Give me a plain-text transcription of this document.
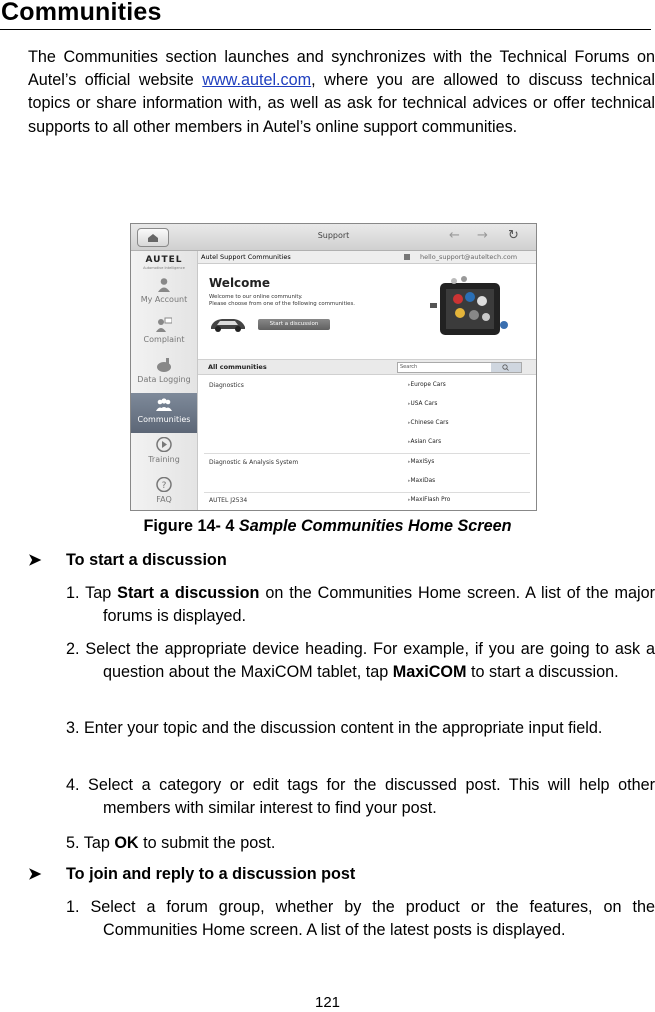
Communities
The Communities section launches and synchronizes with the Technical Forums on Autel’s official website www.autel.com, where you are allowed to discuss technical topics or share information with, as well as ask for technical advices or offer technical supports to all other members in Autel’s online support communities.
Support	← → ↻
AUTEL
Automotive Intelligence
My Account
Complaint
Data Logging
Communities
Training
?
FAQ
Autel Support Communities	hello_support@auteltech.com
Welcome
Welcome to our online community.
Please choose from one of the following communities.
Start a discussion
All communities	Search
Diagnostics	▸ Europe Cars
▸ USA Cars
▸ Chinese Cars
▸ Asian Cars
Diagnostic & Analysis System	▸ MaxiSys
▸ MaxiDas
AUTEL J2534	▸ MaxiFlash Pro
Figure 14- 4 Sample Communities Home Screen
➤ To start a discussion
1. Tap Start a discussion on the Communities Home screen. A list of the major forums is displayed.
2. Select the appropriate device heading. For example, if you are going to ask a question about the MaxiCOM tablet, tap MaxiCOM to start a discussion.
3. Enter your topic and the discussion content in the appropriate input field.
4. Select a category or edit tags for the discussed post. This will help other members with similar interest to find your post.
5. Tap OK to submit the post.
➤ To join and reply to a discussion post
1. Select a forum group, whether by the product or the features, on the Communities Home screen. A list of the latest posts is displayed.
121
